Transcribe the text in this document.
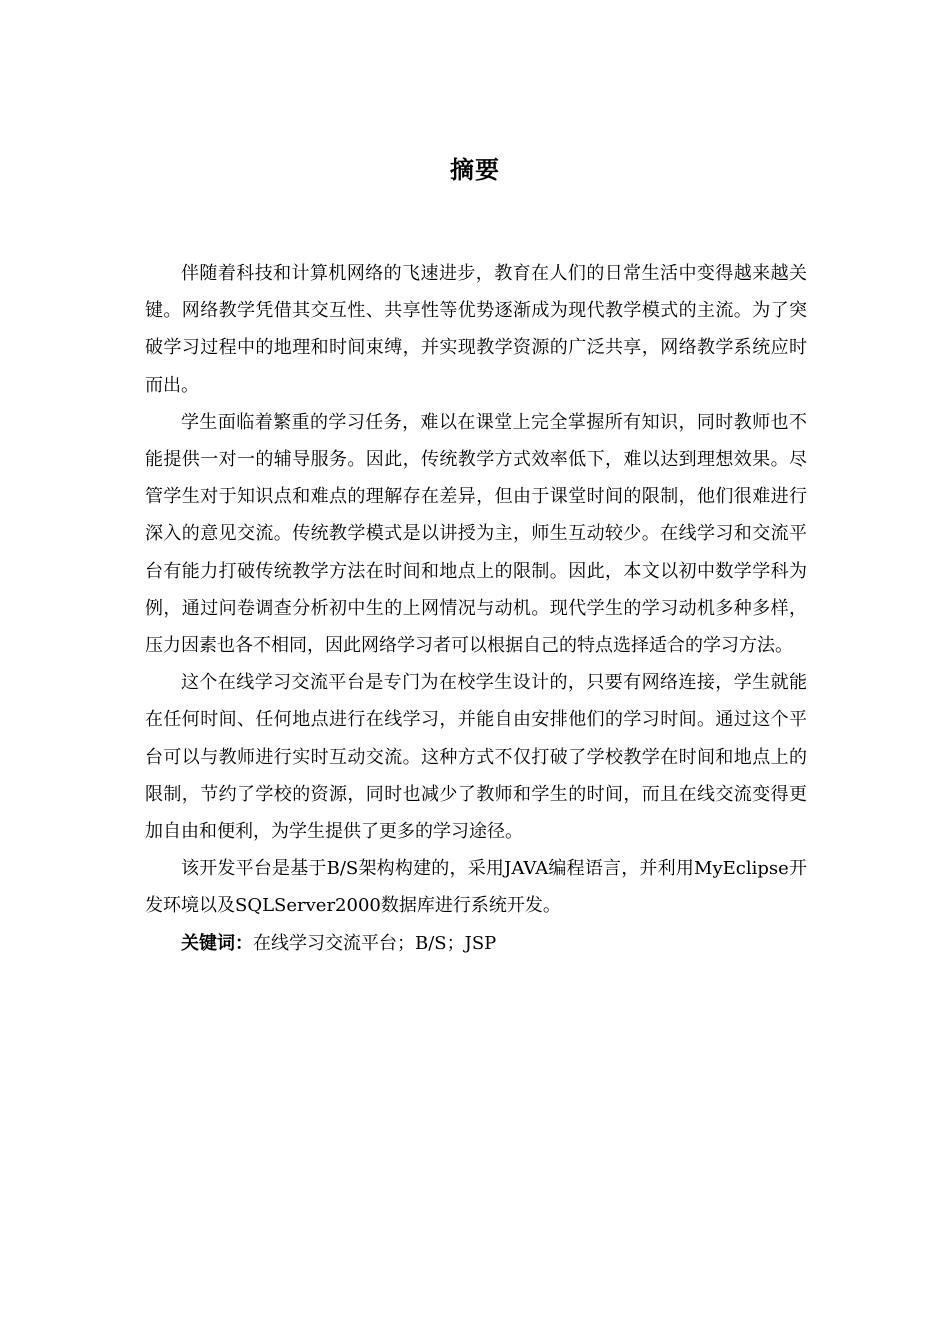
摘要

伴随着科技和计算机网络的飞速进步，教育在人们的日常生活中变得越来越关键。网络教学凭借其交互性、共享性等优势逐渐成为现代教学模式的主流。为了突破学习过程中的地理和时间束缚，并实现教学资源的广泛共享，网络教学系统应时而出。

学生面临着繁重的学习任务，难以在课堂上完全掌握所有知识，同时教师也不能提供一对一的辅导服务。因此，传统教学方式效率低下，难以达到理想效果。尽管学生对于知识点和难点的理解存在差异，但由于课堂时间的限制，他们很难进行深入的意见交流。传统教学模式是以讲授为主，师生互动较少。在线学习和交流平台有能力打破传统教学方法在时间和地点上的限制。因此，本文以初中数学学科为例，通过问卷调查分析初中生的上网情况与动机。现代学生的学习动机多种多样，压力因素也各不相同，因此网络学习者可以根据自己的特点选择适合的学习方法。

这个在线学习交流平台是专门为在校学生设计的，只要有网络连接，学生就能在任何时间、任何地点进行在线学习，并能自由安排他们的学习时间。通过这个平台可以与教师进行实时互动交流。这种方式不仅打破了学校教学在时间和地点上的限制，节约了学校的资源，同时也减少了教师和学生的时间，而且在线交流变得更加自由和便利，为学生提供了更多的学习途径。

该开发平台是基于B/S架构构建的，采用JAVA编程语言，并利用MyEclipse开发环境以及SQLServer2000数据库进行系统开发。

关键词：在线学习交流平台；B/S；JSP
